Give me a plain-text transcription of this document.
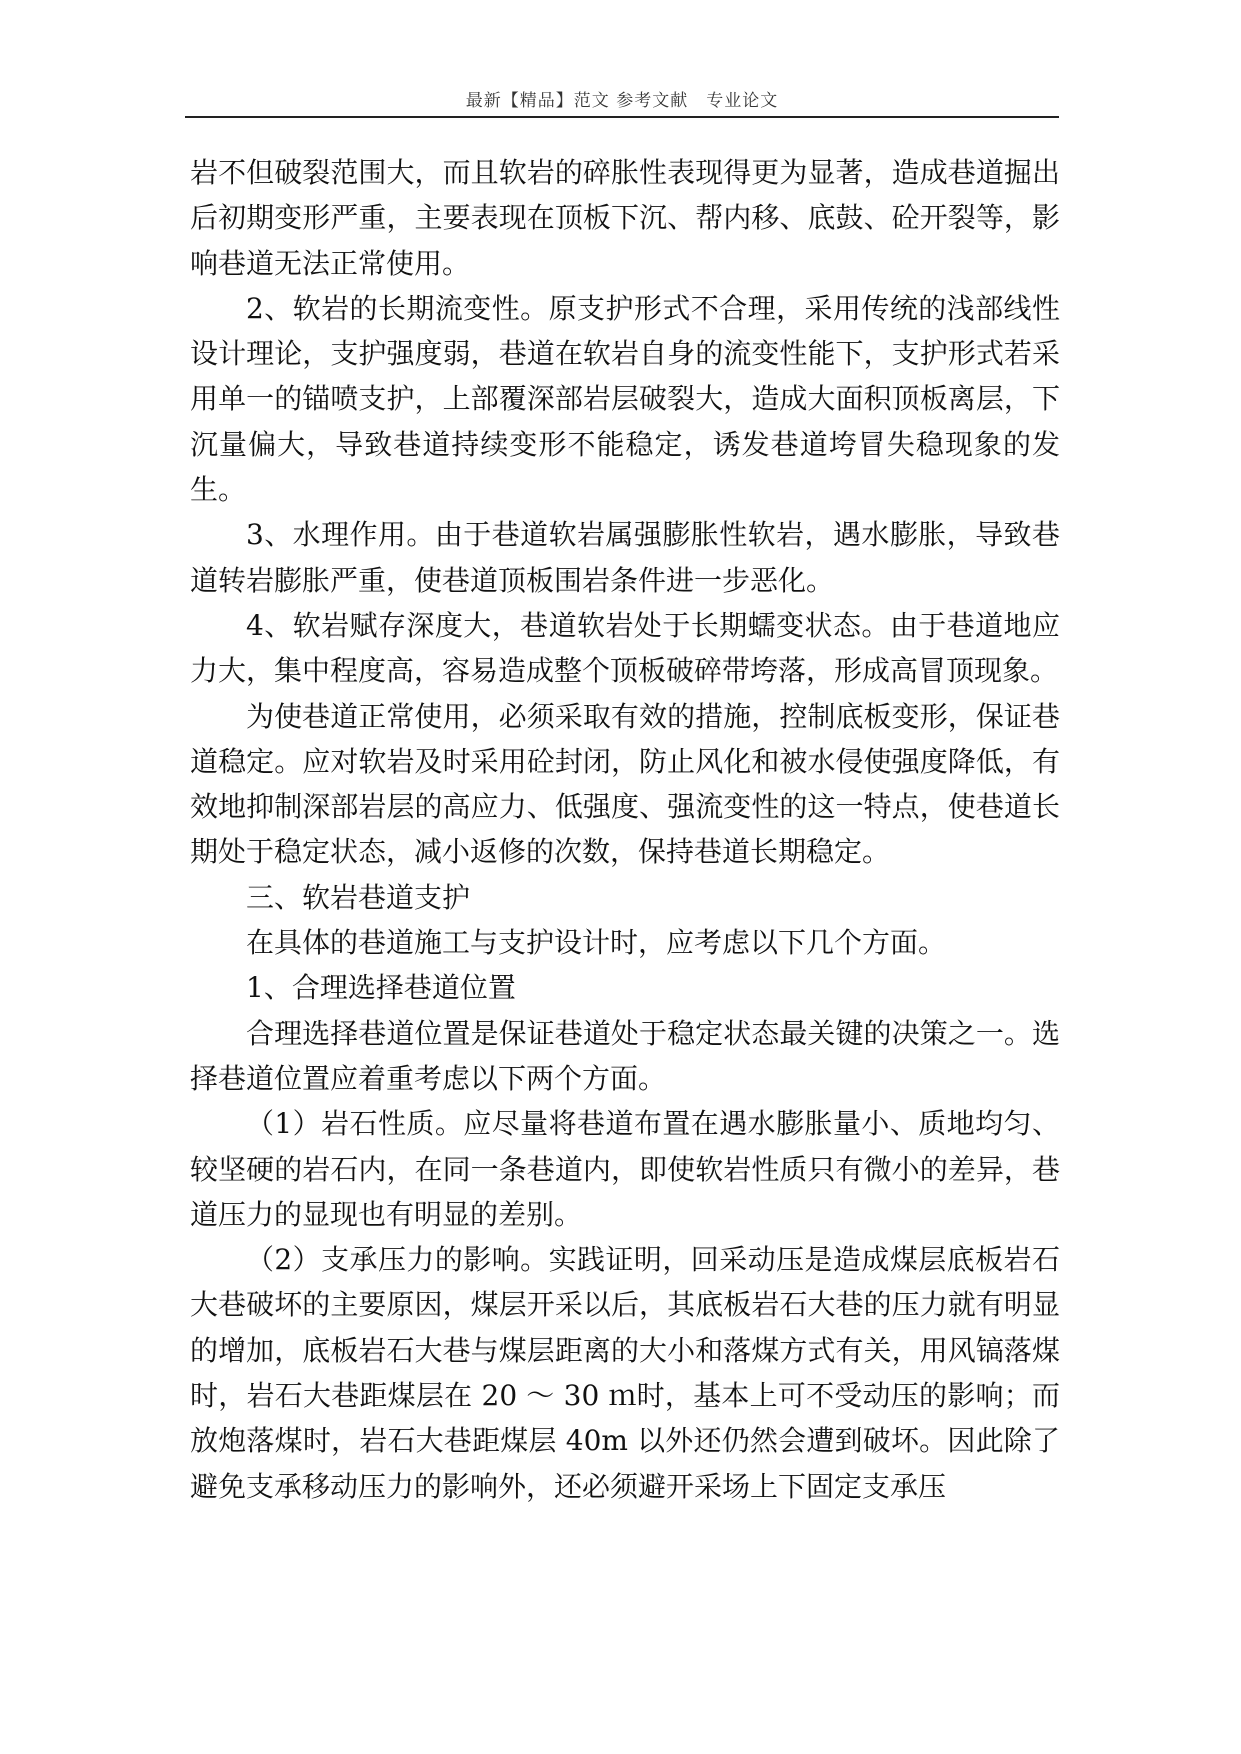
最新【精品】范文 参考文献　专业论文

岩不但破裂范围大，而且软岩的碎胀性表现得更为显著，造成巷道掘出后初期变形严重，主要表现在顶板下沉、帮内移、底鼓、砼开裂等，影响巷道无法正常使用。

2、软岩的长期流变性。原支护形式不合理，采用传统的浅部线性设计理论，支护强度弱，巷道在软岩自身的流变性能下，支护形式若采用单一的锚喷支护，上部覆深部岩层破裂大，造成大面积顶板离层，下沉量偏大，导致巷道持续变形不能稳定，诱发巷道垮冒失稳现象的发生。

3、水理作用。由于巷道软岩属强膨胀性软岩，遇水膨胀，导致巷道转岩膨胀严重，使巷道顶板围岩条件进一步恶化。

4、软岩赋存深度大，巷道软岩处于长期蠕变状态。由于巷道地应力大，集中程度高，容易造成整个顶板破碎带垮落，形成高冒顶现象。

为使巷道正常使用，必须采取有效的措施，控制底板变形，保证巷道稳定。应对软岩及时采用砼封闭，防止风化和被水侵使强度降低，有效地抑制深部岩层的高应力、低强度、强流变性的这一特点，使巷道长期处于稳定状态，减小返修的次数，保持巷道长期稳定。

三、软岩巷道支护

在具体的巷道施工与支护设计时，应考虑以下几个方面。

1、合理选择巷道位置

合理选择巷道位置是保证巷道处于稳定状态最关键的决策之一。选择巷道位置应着重考虑以下两个方面。

（1）岩石性质。应尽量将巷道布置在遇水膨胀量小、质地均匀、较坚硬的岩石内，在同一条巷道内，即使软岩性质只有微小的差异，巷道压力的显现也有明显的差别。

（2）支承压力的影响。实践证明，回采动压是造成煤层底板岩石大巷破坏的主要原因，煤层开采以后，其底板岩石大巷的压力就有明显的增加，底板岩石大巷与煤层距离的大小和落煤方式有关，用风镐落煤时，岩石大巷距煤层在 20 ～ 30 ｍ时，基本上可不受动压的影响；而放炮落煤时，岩石大巷距煤层 40m 以外还仍然会遭到破坏。因此除了避免支承移动压力的影响外，还必须避开采场上下固定支承压
